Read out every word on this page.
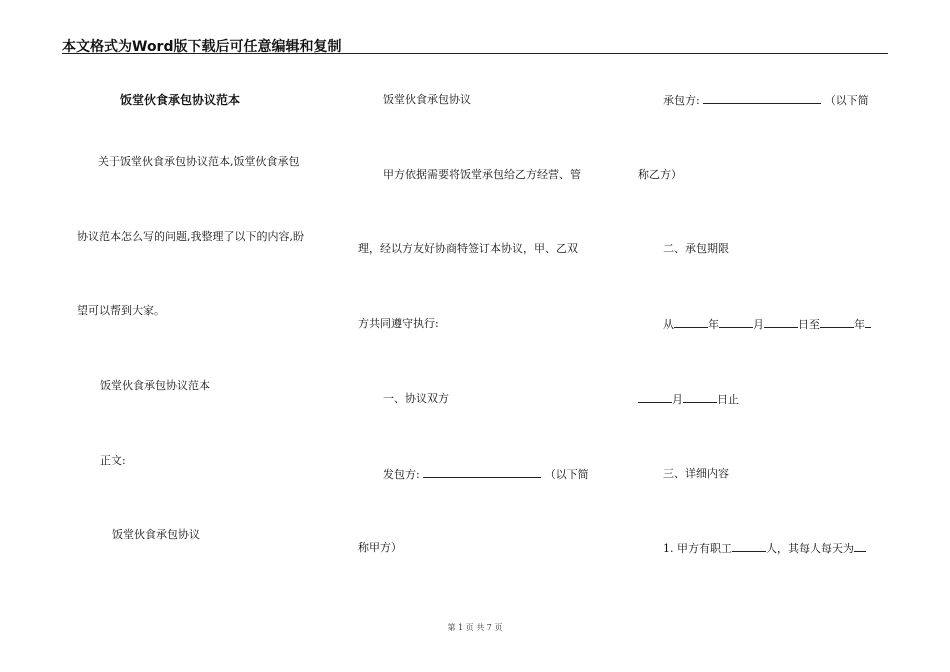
本文格式为Word版下载后可任意编辑和复制
饭堂伙食承包协议范本
关于饭堂伙食承包协议范本,饭堂伙食承包
协议范本怎么写的问题,我整理了以下的内容,盼
望可以帮到大家。
饭堂伙食承包协议范本
正文:
饭堂伙食承包协议
饭堂伙食承包协议
甲方依据需要将饭堂承包给乙方经营、管
理，经以方友好协商特签订本协议，甲、乙双
方共同遵守执行:
一、协议双方
发包方:	（以下简
称甲方）
承包方:	（以下简
称乙方）
二、承包期限
从	年	月	日至	年
月	日止
三、详细内容
1. 甲方有职工	人，其每人每天为
第 1 页 共 7 页
